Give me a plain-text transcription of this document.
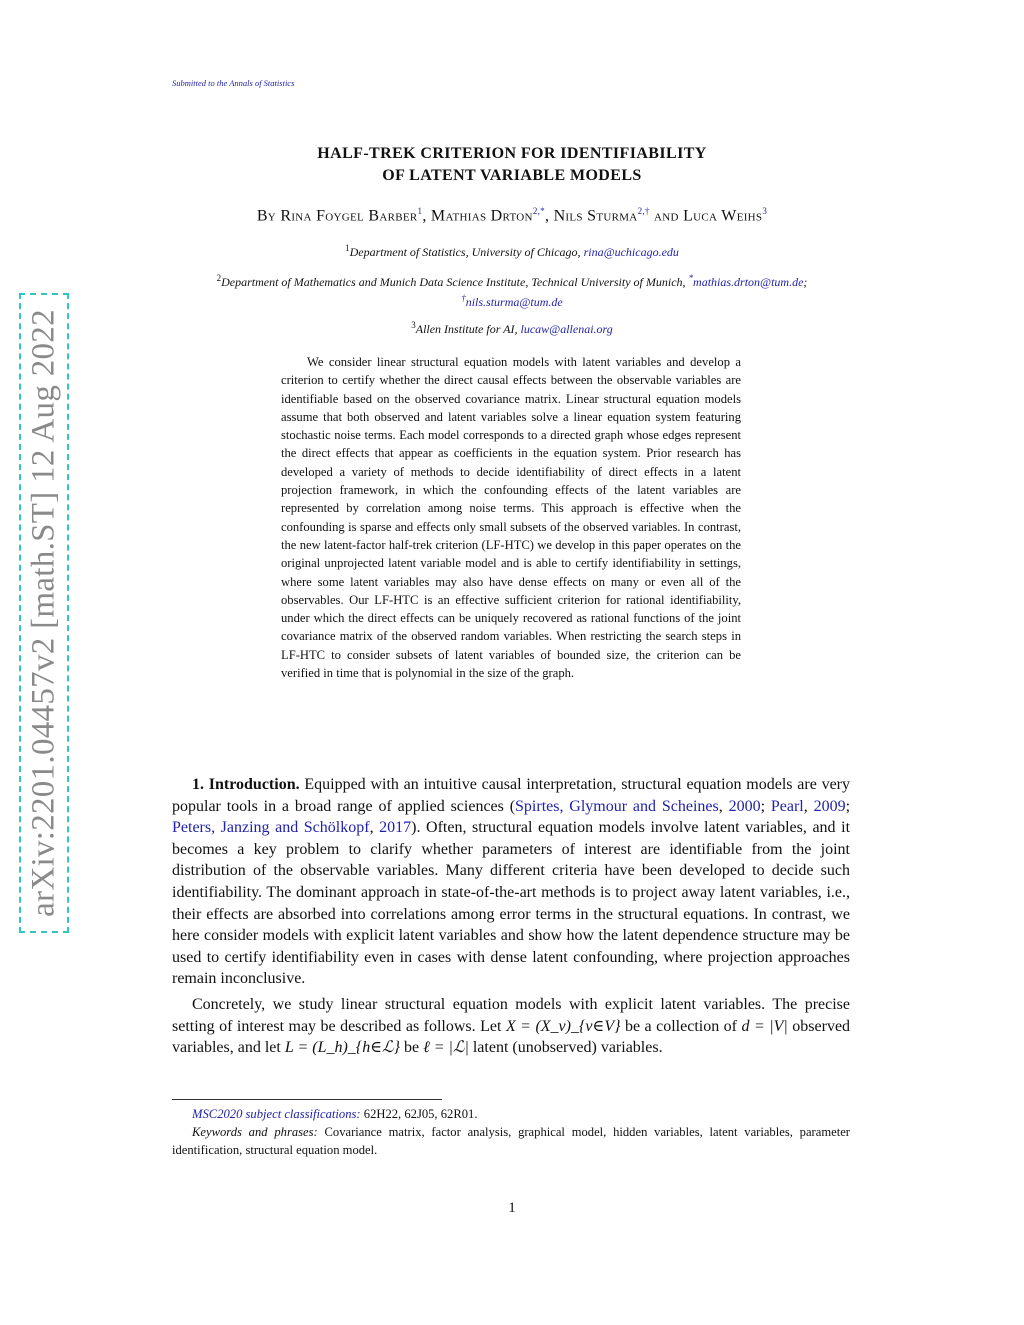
Submitted to the Annals of Statistics
arXiv:2201.04457v2 [math.ST] 12 Aug 2022
HALF-TREK CRITERION FOR IDENTIFIABILITY
OF LATENT VARIABLE MODELS
By Rina Foygel Barber$^1$, Mathias Drton$^{2,*}$, Nils Sturma$^{2,\dagger}$ and Luca Weihs$^3$
$^1$Department of Statistics, University of Chicago, rina@uchicago.edu
$^2$Department of Mathematics and Munich Data Science Institute, Technical University of Munich, *mathias.drton@tum.de;
†nils.sturma@tum.de
$^3$Allen Institute for AI, lucaw@allenai.org
We consider linear structural equation models with latent variables and develop a criterion to certify whether the direct causal effects between the observable variables are identifiable based on the observed covariance matrix. Linear structural equation models assume that both observed and latent variables solve a linear equation system featuring stochastic noise terms. Each model corresponds to a directed graph whose edges represent the direct effects that appear as coefficients in the equation system. Prior research has developed a variety of methods to decide identifiability of direct effects in a latent projection framework, in which the confounding effects of the latent variables are represented by correlation among noise terms. This approach is effective when the confounding is sparse and effects only small subsets of the observed variables. In contrast, the new latent-factor half-trek criterion (LF-HTC) we develop in this paper operates on the original unprojected latent variable model and is able to certify identifiability in settings, where some latent variables may also have dense effects on many or even all of the observables. Our LF-HTC is an effective sufficient criterion for rational identifiability, under which the direct effects can be uniquely recovered as rational functions of the joint covariance matrix of the observed random variables. When restricting the search steps in LF-HTC to consider subsets of latent variables of bounded size, the criterion can be verified in time that is polynomial in the size of the graph.

1. Introduction. Equipped with an intuitive causal interpretation, structural equation models are very popular tools in a broad range of applied sciences (Spirtes, Glymour and Scheines, 2000; Pearl, 2009; Peters, Janzing and Schölkopf, 2017). Often, structural equation models involve latent variables, and it becomes a key problem to clarify whether parameters of interest are identifiable from the joint distribution of the observable variables. Many different criteria have been developed to decide such identifiability. The dominant approach in state-of-the-art methods is to project away latent variables, i.e., their effects are absorbed into correlations among error terms in the structural equations. In contrast, we here consider models with explicit latent variables and show how the latent dependence structure may be used to certify identifiability even in cases with dense latent confounding, where projection approaches remain inconclusive.

Concretely, we study linear structural equation models with explicit latent variables. The precise setting of interest may be described as follows. Let X = (X_v)_{v∈V} be a collection of d = |V| observed variables, and let L = (L_h)_{h∈ℒ} be ℓ = |ℒ| latent (unobserved) variables.

MSC2020 subject classifications: 62H22, 62J05, 62R01.

Keywords and phrases: Covariance matrix, factor analysis, graphical model, hidden variables, latent variables, parameter identification, structural equation model.

1
